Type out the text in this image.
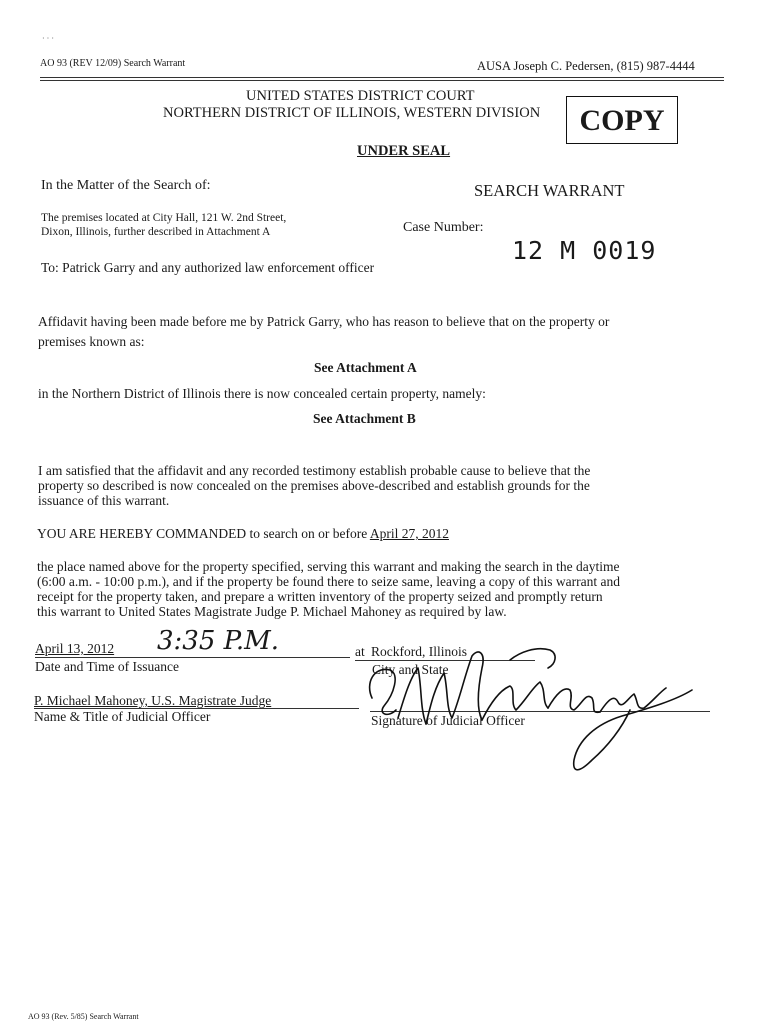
· · ·
AO 93 (REV 12/09) Search Warrant	AUSA Joseph C. Pedersen, (815) 987-4444
UNITED STATES DISTRICT COURT
NORTHERN DISTRICT OF ILLINOIS, WESTERN DIVISION	COPY
UNDER SEAL
In the Matter of the Search of:	SEARCH WARRANT
The premises located at City Hall, 121 W. 2nd Street,
Dixon, Illinois, further described in Attachment A	Case Number:
12 M 0019
To: Patrick Garry and any authorized law enforcement officer
Affidavit having been made before me by Patrick Garry, who has reason to believe that on the property or
premises known as:
See Attachment A
in the Northern District of Illinois there is now concealed certain property, namely:
See Attachment B
I am satisfied that the affidavit and any recorded testimony establish probable cause to believe that the
property so described is now concealed on the premises above-described and establish grounds for the
issuance of this warrant.
YOU ARE HEREBY COMMANDED to search on or before April 27, 2012
the place named above for the property specified, serving this warrant and making the search in the daytime
(6:00 a.m. - 10:00 p.m.), and if the property be found there to seize same, leaving a copy of this warrant and
receipt for the property taken, and prepare a written inventory of the property seized and promptly return
this warrant to United States Magistrate Judge P. Michael Mahoney as required by law.
April 13, 2012 3:35 P.M.	at Rockford, Illinois
Date and Time of Issuance	City and State
P. Michael Mahoney, U.S. Magistrate Judge
Name & Title of Judicial Officer	Signature of Judicial Officer
AO 93 (Rev. 5/85) Search Warrant
